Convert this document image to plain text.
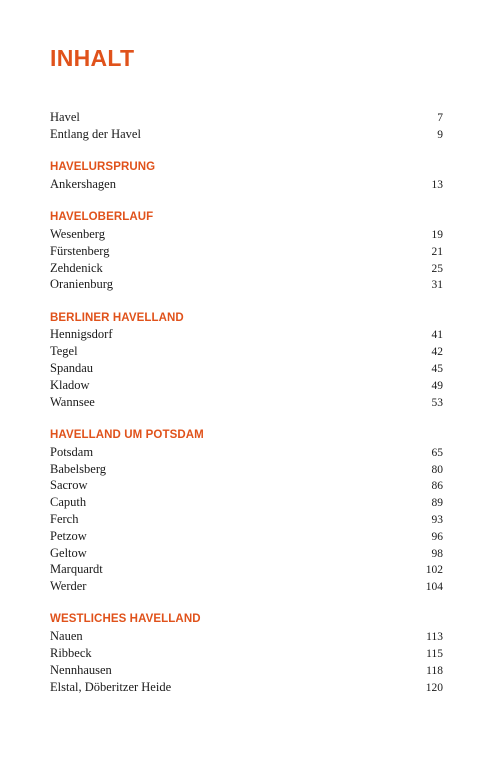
INHALT
Havel	7
Entlang der Havel	9
HAVELURSPRUNG
Ankershagen	13
HAVELOBERLAUF
Wesenberg	19
Fürstenberg	21
Zehdenick	25
Oranienburg	31
BERLINER HAVELLAND
Hennigsdorf	41
Tegel	42
Spandau	45
Kladow	49
Wannsee	53
HAVELLAND UM POTSDAM
Potsdam	65
Babelsberg	80
Sacrow	86
Caputh	89
Ferch	93
Petzow	96
Geltow	98
Marquardt	102
Werder	104
WESTLICHES HAVELLAND
Nauen	113
Ribbeck	115
Nennhausen	118
Elstal, Döberitzer Heide	120
